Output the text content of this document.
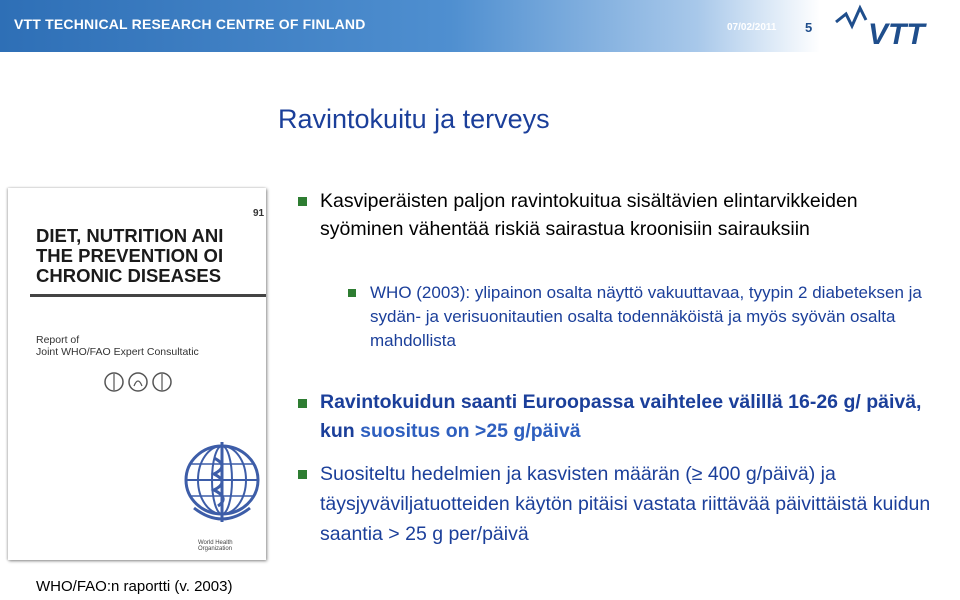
VTT TECHNICAL RESEARCH CENTRE OF FINLAND	07/02/2011 5 VTT
Ravintokuitu ja terveys
91
DIET, NUTRITION ANI
THE PREVENTION OI
CHRONIC DISEASES
Report of
Joint WHO/FAO Expert Consultatic
World Health Organization
WHO/FAO:n raportti (v. 2003)
Kasviperäisten paljon ravintokuitua sisältävien elintarvikkeiden syöminen vähentää riskiä sairastua kroonisiin sairauksiin
WHO (2003): ylipainon osalta näyttö vakuuttavaa, tyypin 2 diabeteksen ja sydän- ja verisuonitautien osalta todennäköistä ja myös syövän osalta mahdollista
Ravintokuidun saanti Euroopassa vaihtelee välillä 16-26 g/ päivä, kun suositus on >25 g/päivä
Suositeltu hedelmien ja kasvisten määrän (≥ 400 g/päivä) ja täysjyväviljatuotteiden käytön pitäisi vastata riittävää päivittäistä kuidun saantia > 25 g per/päivä
